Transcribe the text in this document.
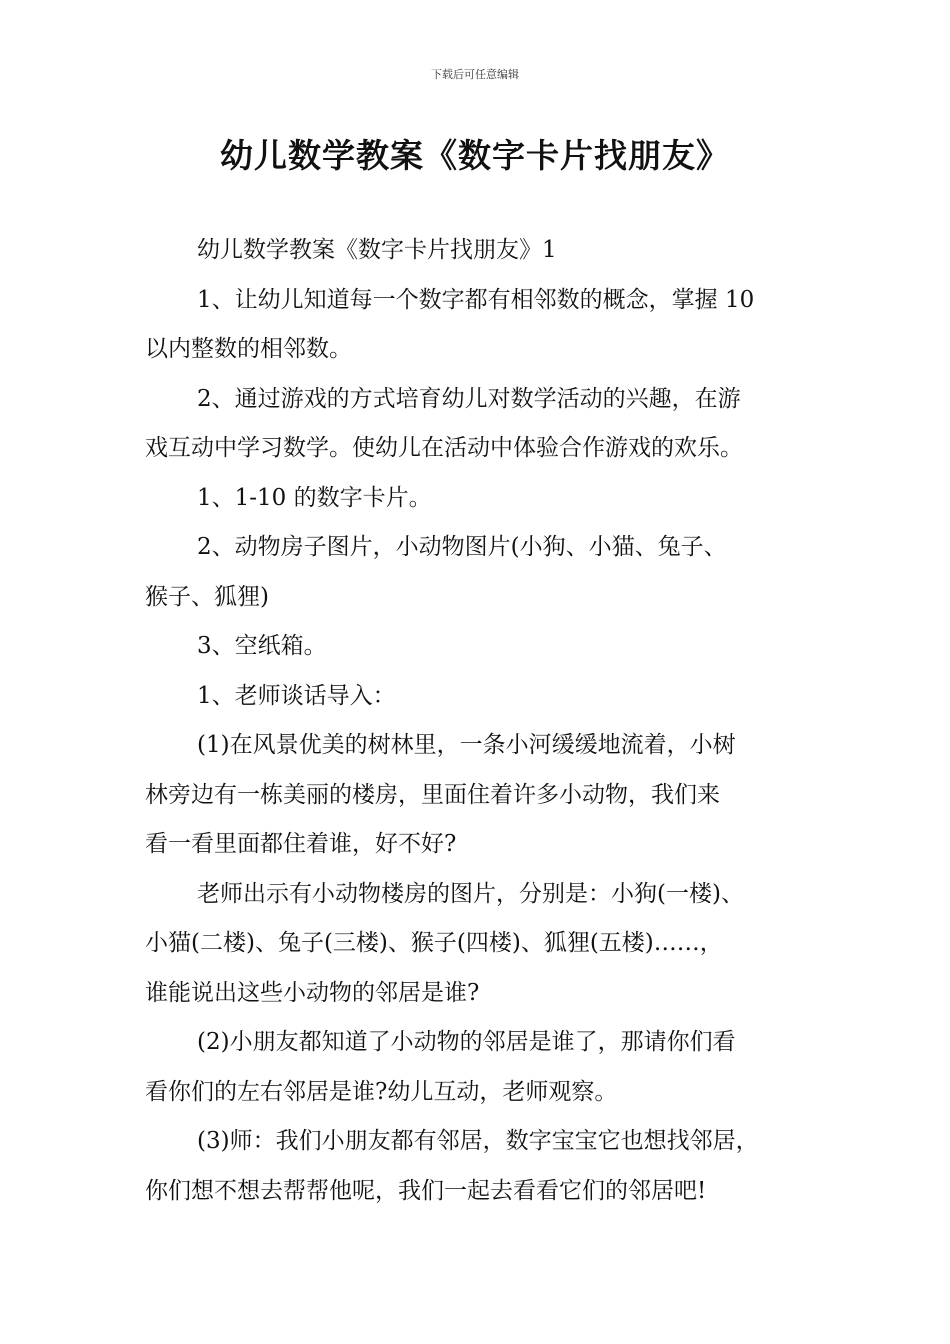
下载后可任意编辑
幼儿数学教案《数字卡片找朋友》

幼儿数学教案《数字卡片找朋友》1

1、让幼儿知道每一个数字都有相邻数的概念，掌握 10
以内整数的相邻数。

2、通过游戏的方式培育幼儿对数学活动的兴趣，在游
戏互动中学习数学。使幼儿在活动中体验合作游戏的欢乐。

1、1-10 的数字卡片。

2、动物房子图片，小动物图片(小狗、小猫、兔子、
猴子、狐狸)

3、空纸箱。

1、老师谈话导入：

(1)在风景优美的树林里，一条小河缓缓地流着，小树
林旁边有一栋美丽的楼房，里面住着许多小动物，我们来
看一看里面都住着谁，好不好?

老师出示有小动物楼房的图片，分别是：小狗(一楼)、
小猫(二楼)、兔子(三楼)、猴子(四楼)、狐狸(五楼)……，
谁能说出这些小动物的邻居是谁?

(2)小朋友都知道了小动物的邻居是谁了，那请你们看
看你们的左右邻居是谁?幼儿互动，老师观察。

(3)师：我们小朋友都有邻居，数字宝宝它也想找邻居，
你们想不想去帮帮他呢，我们一起去看看它们的邻居吧!
